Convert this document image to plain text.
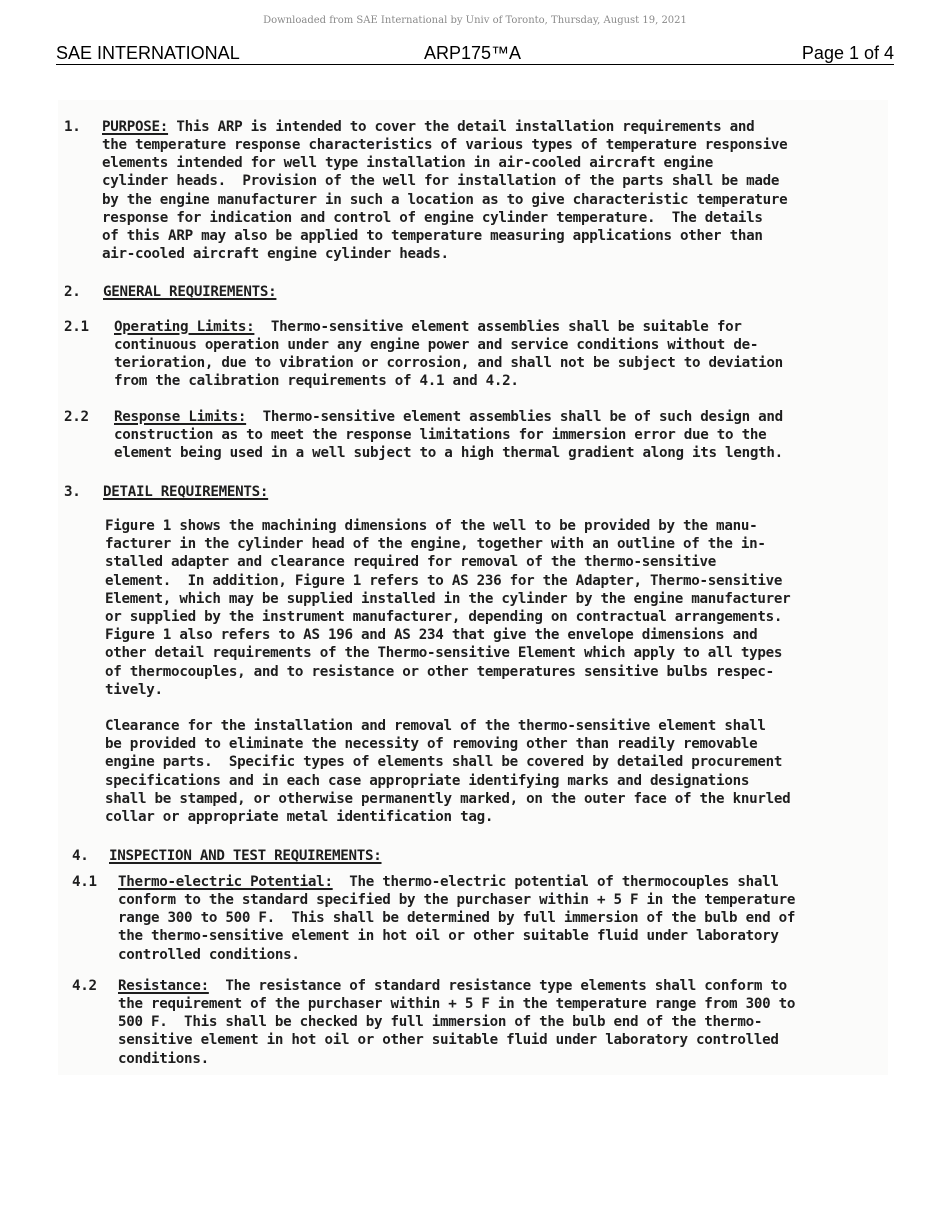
Downloaded from SAE International by Univ of Toronto, Thursday, August 19, 2021
SAE INTERNATIONAL	ARP175™A	Page 1 of 4
1. PURPOSE: This ARP is intended to cover the detail installation requirements and
the temperature response characteristics of various types of temperature responsive
elements intended for well type installation in air-cooled aircraft engine
cylinder heads.  Provision of the well for installation of the parts shall be made
by the engine manufacturer in such a location as to give characteristic temperature
response for indication and control of engine cylinder temperature.  The details
of this ARP may also be applied to temperature measuring applications other than
air-cooled aircraft engine cylinder heads.
2. GENERAL REQUIREMENTS:
2.1 Operating Limits: Thermo-sensitive element assemblies shall be suitable for
continuous operation under any engine power and service conditions without de-
terioration, due to vibration or corrosion, and shall not be subject to deviation
from the calibration requirements of 4.1 and 4.2.
2.2 Response Limits: Thermo-sensitive element assemblies shall be of such design and
construction as to meet the response limitations for immersion error due to the
element being used in a well subject to a high thermal gradient along its length.
3. DETAIL REQUIREMENTS:
Figure 1 shows the machining dimensions of the well to be provided by the manu-
facturer in the cylinder head of the engine, together with an outline of the in-
stalled adapter and clearance required for removal of the thermo-sensitive
element.  In addition, Figure 1 refers to AS 236 for the Adapter, Thermo-sensitive
Element, which may be supplied installed in the cylinder by the engine manufacturer
or supplied by the instrument manufacturer, depending on contractual arrangements.
Figure 1 also refers to AS 196 and AS 234 that give the envelope dimensions and
other detail requirements of the Thermo-sensitive Element which apply to all types
of thermocouples, and to resistance or other temperatures sensitive bulbs respec-
tively.
Clearance for the installation and removal of the thermo-sensitive element shall
be provided to eliminate the necessity of removing other than readily removable
engine parts.  Specific types of elements shall be covered by detailed procurement
specifications and in each case appropriate identifying marks and designations
shall be stamped, or otherwise permanently marked, on the outer face of the knurled
collar or appropriate metal identification tag.
4. INSPECTION AND TEST REQUIREMENTS:
4.1 Thermo-electric Potential: The thermo-electric potential of thermocouples shall
conform to the standard specified by the purchaser within + 5 F in the temperature
range 300 to 500 F.  This shall be determined by full immersion of the bulb end of
the thermo-sensitive element in hot oil or other suitable fluid under laboratory
controlled conditions.
4.2 Resistance: The resistance of standard resistance type elements shall conform to
the requirement of the purchaser within + 5 F in the temperature range from 300 to
500 F.  This shall be checked by full immersion of the bulb end of the thermo-
sensitive element in hot oil or other suitable fluid under laboratory controlled
conditions.
